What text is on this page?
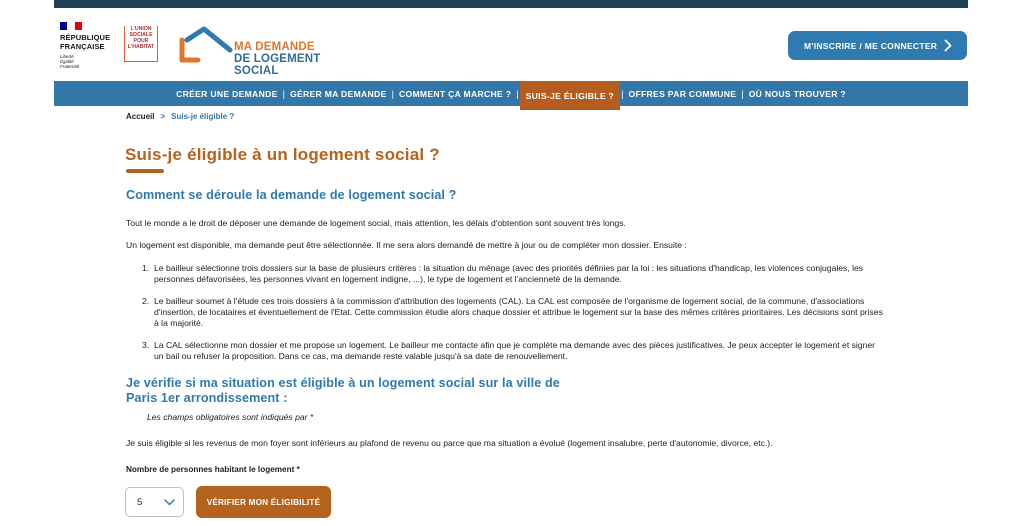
RÉPUBLIQUE
FRANÇAISE
Liberté
Égalité
Fraternité
L'UNION
SOCIALE
POUR
L'HABITAT	MA DEMANDE
DE LOGEMENT SOCIAL
M'INSCRIRE / ME CONNECTER
CRÉER UNE DEMANDE | GÉRER MA DEMANDE | COMMENT ÇA MARCHE ? | SUIS-JE ÉLIGIBLE ? | OFFRES PAR COMMUNE | OÙ NOUS TROUVER ?
Accueil > Suis-je éligible ?
Suis-je éligible à un logement social ?
Comment se déroule la demande de logement social ?

Tout le monde a le droit de déposer une demande de logement social, mais attention, les délais d'obtention sont souvent très longs.

Un logement est disponible, ma demande peut être sélectionnée. Il me sera alors demandé de mettre à jour ou de compléter mon dossier. Ensuite :

1. Le bailleur sélectionne trois dossiers sur la base de plusieurs critères : la situation du ménage (avec des priorités définies par la loi : les situations d'handicap, les violences conjugales, les personnes défavorisées, les personnes vivant en logement indigne, ...), le type de logement et l'ancienneté de la demande.
2. Le bailleur soumet à l'étude ces trois dossiers à la commission d'attribution des logements (CAL). La CAL est composée de l'organisme de logement social, de la commune, d'associations d'insertion, de locataires et éventuellement de l'Etat. Cette commission étudie alors chaque dossier et attribue le logement sur la base des mêmes critères prioritaires. Les décisions sont prises à la majorité.
3. La CAL sélectionne mon dossier et me propose un logement. Le bailleur me contacte afin que je complète ma demande avec des pièces justificatives. Je peux accepter le logement et signer un bail ou refuser la proposition. Dans ce cas, ma demande reste valable jusqu'à sa date de renouvellement.
Je vérifie si ma situation est éligible à un logement social sur la ville de
Paris 1er arrondissement :

Les champs obligatoires sont indiqués par *

Je suis éligible si les revenus de mon foyer sont inférieurs au plafond de revenu ou parce que ma situation a évolué (logement insalubre, perte d'autonomie, divorce, etc.).

Nombre de personnes habitant le logement *
5	VÉRIFIER MON ÉLIGIBILITÉ
